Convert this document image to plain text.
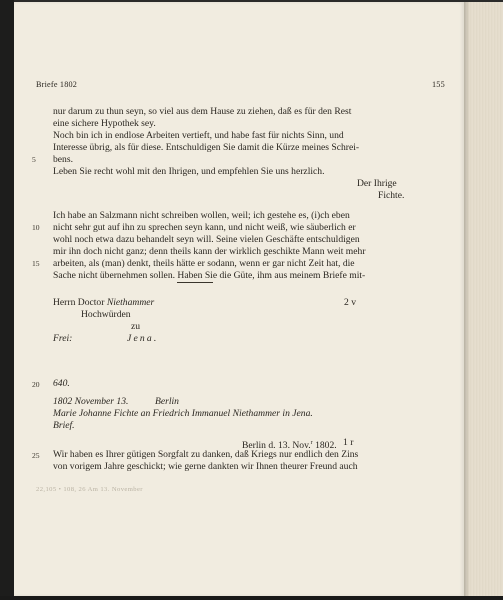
Briefe 1802	155
nur darum zu thun seyn, so viel aus dem Hause zu ziehen, daß es für den Rest
eine sichere Hypothek sey.
Noch bin ich in endlose Arbeiten vertieft, und habe fast für nichts Sinn, und
Interesse übrig, als für diese. Entschuldigen Sie damit die Kürze meines Schrei-
5 bens.
Leben Sie recht wohl mit den Ihrigen, und empfehlen Sie uns herzlich.
Der Ihrige
Fichte.
Ich habe an Salzmann nicht schreiben wollen, weil; ich gestehe es, (i)ch eben
10 nicht sehr gut auf ihn zu sprechen seyn kann, und nicht weiß, wie säuberlich er
wohl noch etwa dazu behandelt seyn will. Seine vielen Geschäfte entschuldigen
mir ihn doch nicht ganz; denn theils kann der wirklich geschikte Mann weit mehr
arbeiten, als (man) denkt, theils hätte er sodann, wenn er gar nicht Zeit hat, die
Sache nicht übernehmen sollen. Haben Sie die Güte, ihm aus meinem Briefe mit-
15
Herrn Doctor Niethammer	2 v
Hochwürden
zu
Frei:	Jena.
20 640.
1802 November 13.	Berlin
Marie Johanne Fichte an Friedrich Immanuel Niethammer in Jena.
Brief.
Berlin d. 13. Nov.$^r$ 1802. 1 r
25 Wir haben es Ihrer gütigen Sorgfalt zu danken, daß Kriegs nur endlich den Zins
von vorigem Jahre geschickt; wie gerne dankten wir Ihnen theurer Freund auch
22,105 • 108, 26 Am 13. November
